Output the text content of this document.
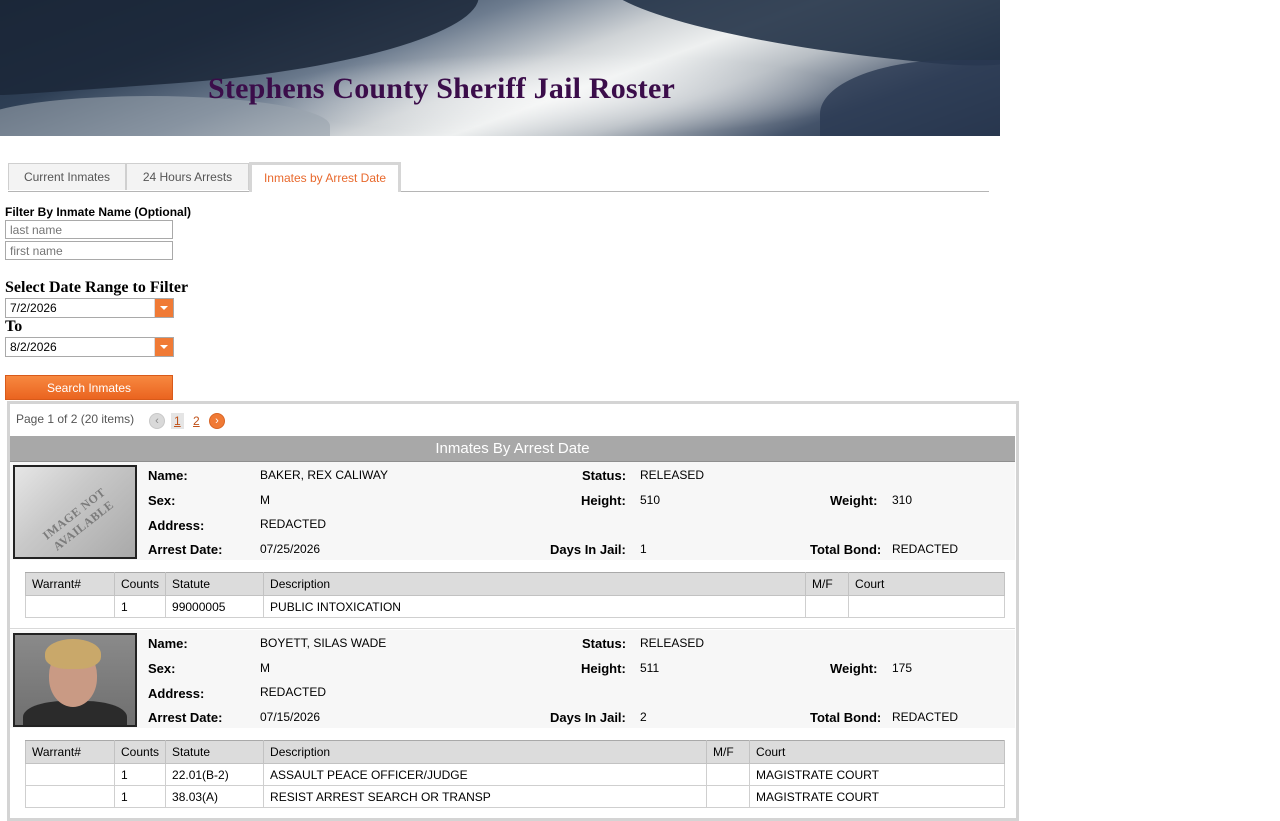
Stephens County Sheriff Jail Roster
Current Inmates	24 Hours Arrests	Inmates by Arrest Date
Filter By Inmate Name (Optional)
last name
first name
Select Date Range to Filter
7/2/2026
To
8/2/2026
Search Inmates
Page 1 of 2 (20 items)	‹	1 2	›
Inmates By Arrest Date
IMAGE NOT AVAILABLE
Name:	BAKER, REX CALIWAY	Status: RELEASED
Sex:	M	Height: 510	Weight: 310
Address:	REDACTED
Arrest Date:	07/25/2026	Days In Jail: 1	Total Bond: REDACTED
Warrant#	Counts	Statute	Description	M/F	Court
	1	99000005	PUBLIC INTOXICATION		
Name:	BOYETT, SILAS WADE	Status: RELEASED
Sex:	M	Height: 511	Weight: 175
Address:	REDACTED
Arrest Date:	07/15/2026	Days In Jail: 2	Total Bond: REDACTED
Warrant#	Counts	Statute	Description	M/F	Court
	1	22.01(B-2)	ASSAULT PEACE OFFICER/JUDGE		MAGISTRATE COURT
	1	38.03(A)	RESIST ARREST SEARCH OR TRANSP		MAGISTRATE COURT
